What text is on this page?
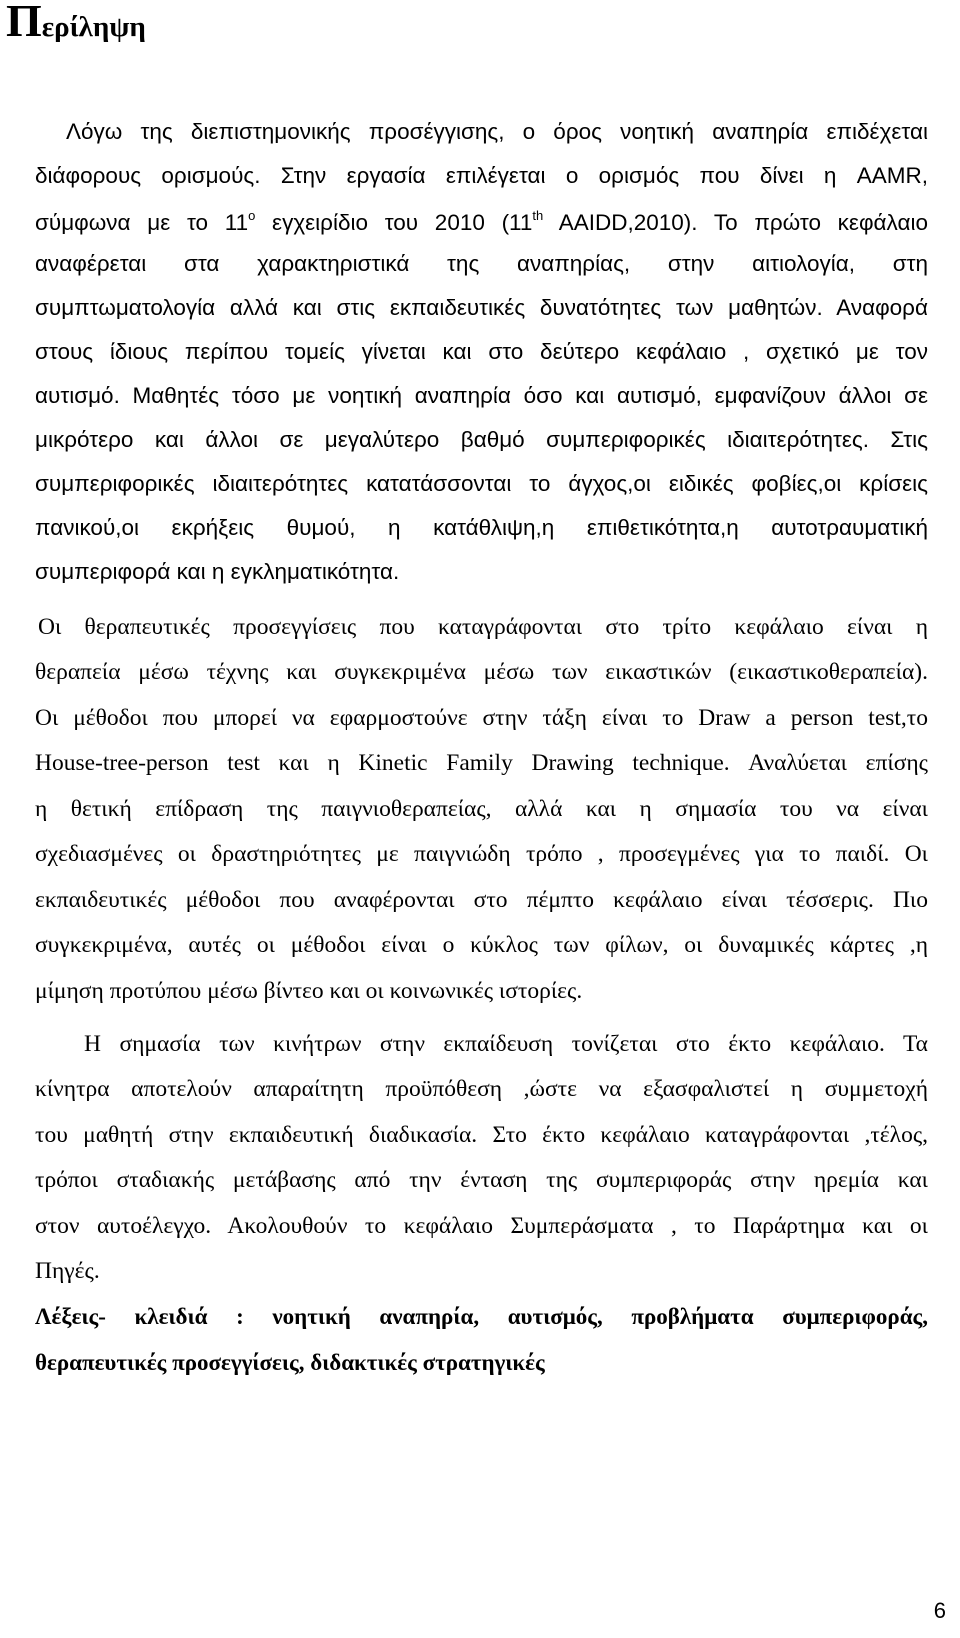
Περίληψη

Λόγω της διεπιστημονικής προσέγγισης, ο όρος νοητική αναπηρία επιδέχεται

διάφορους ορισμούς. Στην εργασία επιλέγεται ο ορισμός που δίνει η AAMR,

σύμφωνα με το $11^o$ εγχειρίδιο του 2010 (11th AAIDD,2010). Το πρώτο κεφάλαιο

αναφέρεται στα χαρακτηριστικά της αναπηρίας, στην αιτιολογία, στη

συμπτωματολογία αλλά και στις εκπαιδευτικές δυνατότητες των μαθητών. Αναφορά

στους ίδιους περίπου τομείς γίνεται και στο δεύτερο κεφάλαιο , σχετικό με τον

αυτισμό. Μαθητές τόσο με νοητική αναπηρία όσο και αυτισμό, εμφανίζουν άλλοι σε

μικρότερο και άλλοι σε μεγαλύτερο βαθμό συμπεριφορικές ιδιαιτερότητες. Στις

συμπεριφορικές ιδιαιτερότητες κατατάσσονται το άγχος,οι ειδικές φοβίες,οι κρίσεις

πανικού,οι εκρήξεις θυμού, η κατάθλιψη,η επιθετικότητα,η αυτοτραυματική

συμπεριφορά και η εγκληματικότητα.

Οι θεραπευτικές προσεγγίσεις που καταγράφονται στο τρίτο κεφάλαιο είναι η

θεραπεία μέσω τέχνης και συγκεκριμένα μέσω των εικαστικών (εικαστικοθεραπεία).

Οι μέθοδοι που μπορεί να εφαρμοστούνε στην τάξη είναι το Draw a person test,το

House-tree-person test και η Kinetic Family Drawing technique. Αναλύεται επίσης

η θετική επίδραση της παιγνιοθεραπείας, αλλά και η σημασία του να είναι

σχεδιασμένες οι δραστηριότητες με παιγνιώδη τρόπο , προσεγμένες για το παιδί. Οι

εκπαιδευτικές μέθοδοι που αναφέρονται στο πέμπτο κεφάλαιο είναι τέσσερις. Πιο

συγκεκριμένα, αυτές οι μέθοδοι είναι ο κύκλος των φίλων, οι δυναμικές κάρτες ,η

μίμηση προτύπου μέσω βίντεο και οι κοινωνικές ιστορίες.

Η σημασία των κινήτρων στην εκπαίδευση τονίζεται στο έκτο κεφάλαιο. Τα

κίνητρα αποτελούν απαραίτητη προϋπόθεση ,ώστε να εξασφαλιστεί η συμμετοχή

του μαθητή στην εκπαιδευτική διαδικασία. Στο έκτο κεφάλαιο καταγράφονται ,τέλος,

τρόποι σταδιακής μετάβασης από την ένταση της συμπεριφοράς στην ηρεμία και

στον αυτοέλεγχο. Ακολουθούν το κεφάλαιο Συμπεράσματα , το Παράρτημα και οι

Πηγές.

Λέξεις- κλειδιά : νοητική αναπηρία, αυτισμός, προβλήματα συμπεριφοράς,

θεραπευτικές προσεγγίσεις, διδακτικές στρατηγικές

6
